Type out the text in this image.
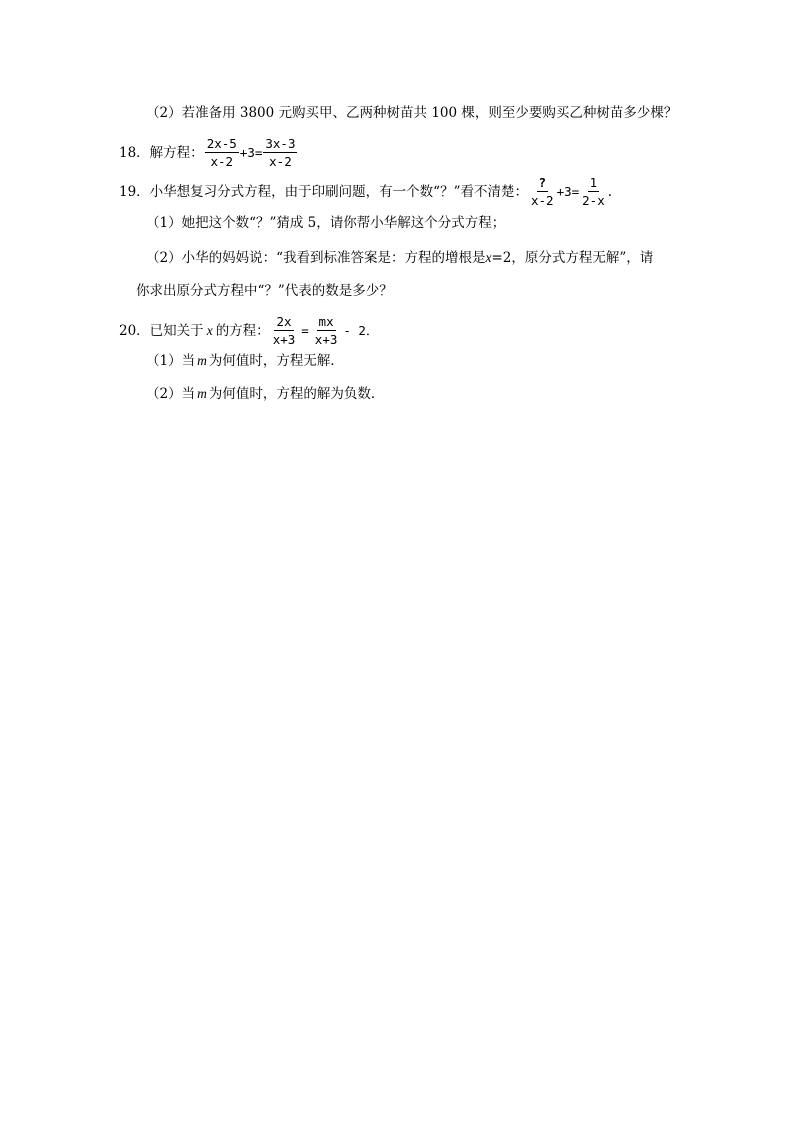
（2）若准备用 3800 元购买甲、乙两种树苗共 100 棵，则至少要购买乙种树苗多少棵？
18．解方程： $\frac{2x-5}{x-2} +3= \frac{3x-3}{x-2}$
19．小华想复习分式方程，由于印刷问题，有一个数“？”看不清楚： $\frac{?}{x-2} +3= \frac{1}{2-x}$ .
（1）她把这个数“？”猜成 5，请你帮小华解这个分式方程；
（2）小华的妈妈说：“我看到标准答案是：方程的增根是 x =2，原分式方程无解”，请
你求出原分式方程中“？”代表的数是多少？
20．已知关于 x 的方程： $\frac{2x}{x+3} = \frac{mx}{x+3} - 2$．
（1）当 m 为何值时，方程无解．
（2）当 m 为何值时，方程的解为负数．
